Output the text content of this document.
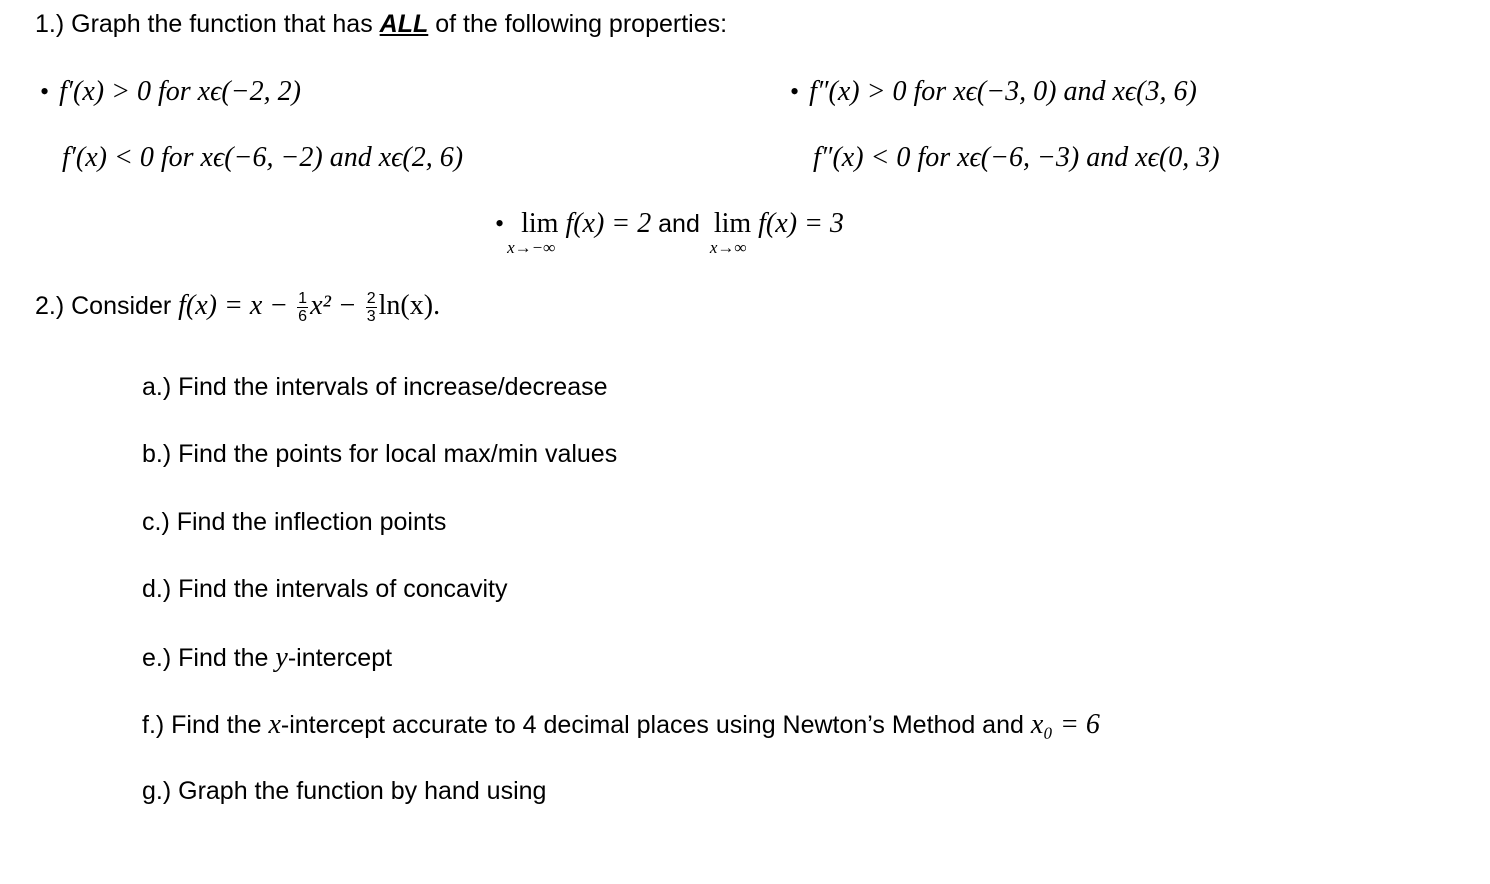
1.) Graph the function that has ALL of the following properties:
• f′(x) > 0 for xϵ(−2, 2)
f′(x) < 0 for xϵ(−6, −2) and xϵ(2, 6)
• f″(x) > 0 for xϵ(−3, 0) and xϵ(3, 6)
f″(x) < 0 for xϵ(−6, −3) and xϵ(0, 3)
• lim
x→−∞
f(x) = 2 and  lim
x→∞
f(x) = 3
2.) Consider $f(x) = x - \frac{1}{6} x^2 - \frac{2}{3} \ln(x)$.
a.) Find the intervals of increase/decrease
b.) Find the points for local max/min values
c.) Find the inflection points
d.) Find the intervals of concavity
e.) Find the y-intercept
f.) Find the x-intercept accurate to 4 decimal places using Newton’s Method and x₀ = 6
g.) Graph the function by hand using
